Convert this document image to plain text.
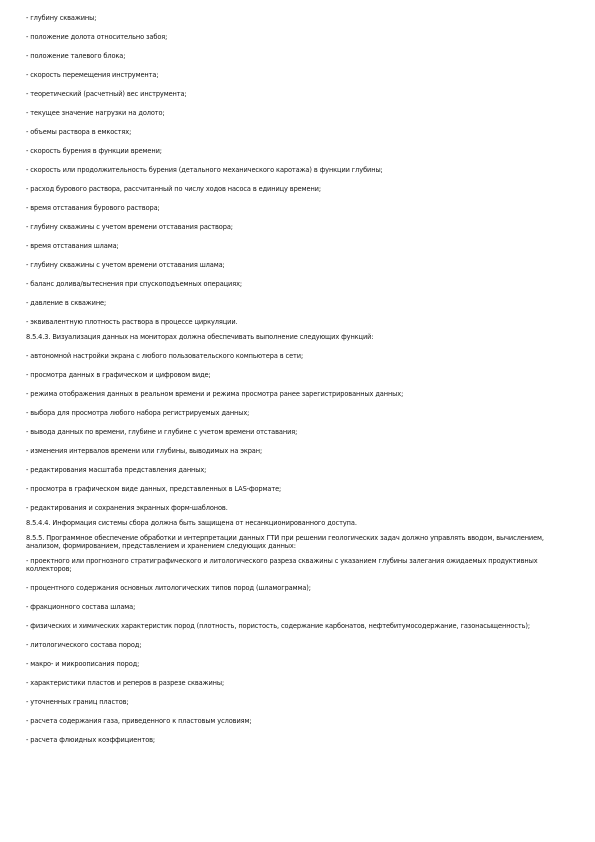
- глубину скважины;
- положение долота относительно забоя;
- положение талевого блока;
- скорость перемещения инструмента;
- теоретический (расчетный) вес инструмента;
- текущее значение нагрузки на долото;
- объемы раствора в емкостях;
- скорость бурения в функции времени;
- скорость или продолжительность бурения (детального механического каротажа) в функции глубины;
- расход бурового раствора, рассчитанный по числу ходов насоса в единицу времени;
- время отставания бурового раствора;
- глубину скважины с учетом времени отставания раствора;
- время отставания шлама;
- глубину скважины с учетом времени отставания шлама;
- баланс долива/вытеснения при спускоподъемных операциях;
- давление в скважине;
- эквивалентную плотность раствора в процессе циркуляции.
8.5.4.3. Визуализация данных на мониторах должна обеспечивать выполнение следующих функций:
- автономной настройки экрана с любого пользовательского компьютера в сети;
- просмотра данных в графическом и цифровом виде;
- режима отображения данных в реальном времени и режима просмотра ранее зарегистрированных данных;
- выбора для просмотра любого набора регистрируемых данных;
- вывода данных по времени, глубине и глубине с учетом времени отставания;
- изменения интервалов времени или глубины, выводимых на экран;
- редактирования масштаба представления данных;
- просмотра в графическом виде данных, представленных в LAS-формате;
- редактирования и сохранения экранных форм-шаблонов.
8.5.4.4. Информация системы сбора должна быть защищена от несанкционированного доступа.
8.5.5. Программное обеспечение обработки и интерпретации данных ГТИ при решении геологических задач должно управлять вводом, вычислением, анализом, формированием, представлением и хранением следующих данных:
- проектного или прогнозного стратиграфического и литологического разреза скважины с указанием глубины залегания ожидаемых продуктивных коллекторов;
- процентного содержания основных литологических типов пород (шламограмма);
- фракционного состава шлама;
- физических и химических характеристик пород (плотность, пористость, содержание карбонатов, нефтебитумосодержание, газонасыщенность);
- литологического состава пород;
- макро- и микроописания пород;
- характеристики пластов и реперов в разрезе скважины;
- уточненных границ пластов;
- расчета содержания газа, приведенного к пластовым условиям;
- расчета флюидных коэффициентов;
